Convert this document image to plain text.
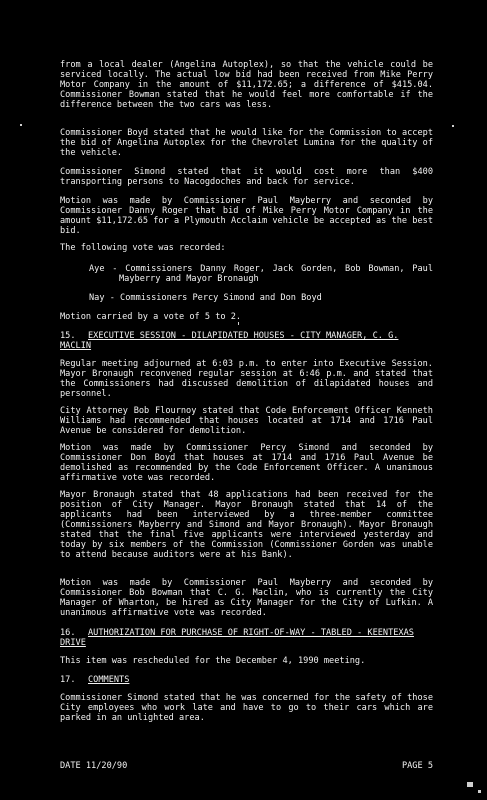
from a local dealer (Angelina Autoplex), so that the vehicle could be serviced locally. The actual low bid had been received from Mike Perry Motor Company in the amount of $11,172.65; a difference of $415.04. Commissioner Bowman stated that he would feel more comfortable if the difference between the two cars was less.

Commissioner Boyd stated that he would like for the Commission to accept the bid of Angelina Autoplex for the Chevrolet Lumina for the quality of the vehicle.

Commissioner Simond stated that it would cost more than $400 transporting persons to Nacogdoches and back for service.

Motion was made by Commissioner Paul Mayberry and seconded by Commissioner Danny Roger that bid of Mike Perry Motor Company in the amount $11,172.65 for a Plymouth Acclaim vehicle be accepted as the best bid.

The following vote was recorded:

Aye - Commissioners Danny Roger, Jack Gorden, Bob Bowman, Paul Mayberry and Mayor Bronaugh

Nay - Commissioners Percy Simond and Don Boyd

Motion carried by a vote of 5 to 2.

15. EXECUTIVE SESSION - DILAPIDATED HOUSES - CITY MANAGER, C. G. MACLIN

Regular meeting adjourned at 6:03 p.m. to enter into Executive Session. Mayor Bronaugh reconvened regular session at 6:46 p.m. and stated that the Commissioners had discussed demolition of dilapidated houses and personnel.

City Attorney Bob Flournoy stated that Code Enforcement Officer Kenneth Williams had recommended that houses located at 1714 and 1716 Paul Avenue be considered for demolition.

Motion was made by Commissioner Percy Simond and seconded by Commissioner Don Boyd that houses at 1714 and 1716 Paul Avenue be demolished as recommended by the Code Enforcement Officer. A unanimous affirmative vote was recorded.

Mayor Bronaugh stated that 48 applications had been received for the position of City Manager. Mayor Bronaugh stated that 14 of the applicants had been interviewed by a three-member committee (Commissioners Mayberry and Simond and Mayor Bronaugh). Mayor Bronaugh stated that the final five applicants were interviewed yesterday and today by six members of the Commission (Commissioner Gorden was unable to attend because auditors were at his Bank).

Motion was made by Commissioner Paul Mayberry and seconded by Commissioner Bob Bowman that C. G. Maclin, who is currently the City Manager of Wharton, be hired as City Manager for the City of Lufkin. A unanimous affirmative vote was recorded.

16. AUTHORIZATION FOR PURCHASE OF RIGHT-OF-WAY - TABLED - KEENTEXAS DRIVE

This item was rescheduled for the December 4, 1990 meeting.

17. COMMENTS

Commissioner Simond stated that he was concerned for the safety of those City employees who work late and have to go to their cars which are parked in an unlighted area.

DATE 11/20/90	PAGE 5
